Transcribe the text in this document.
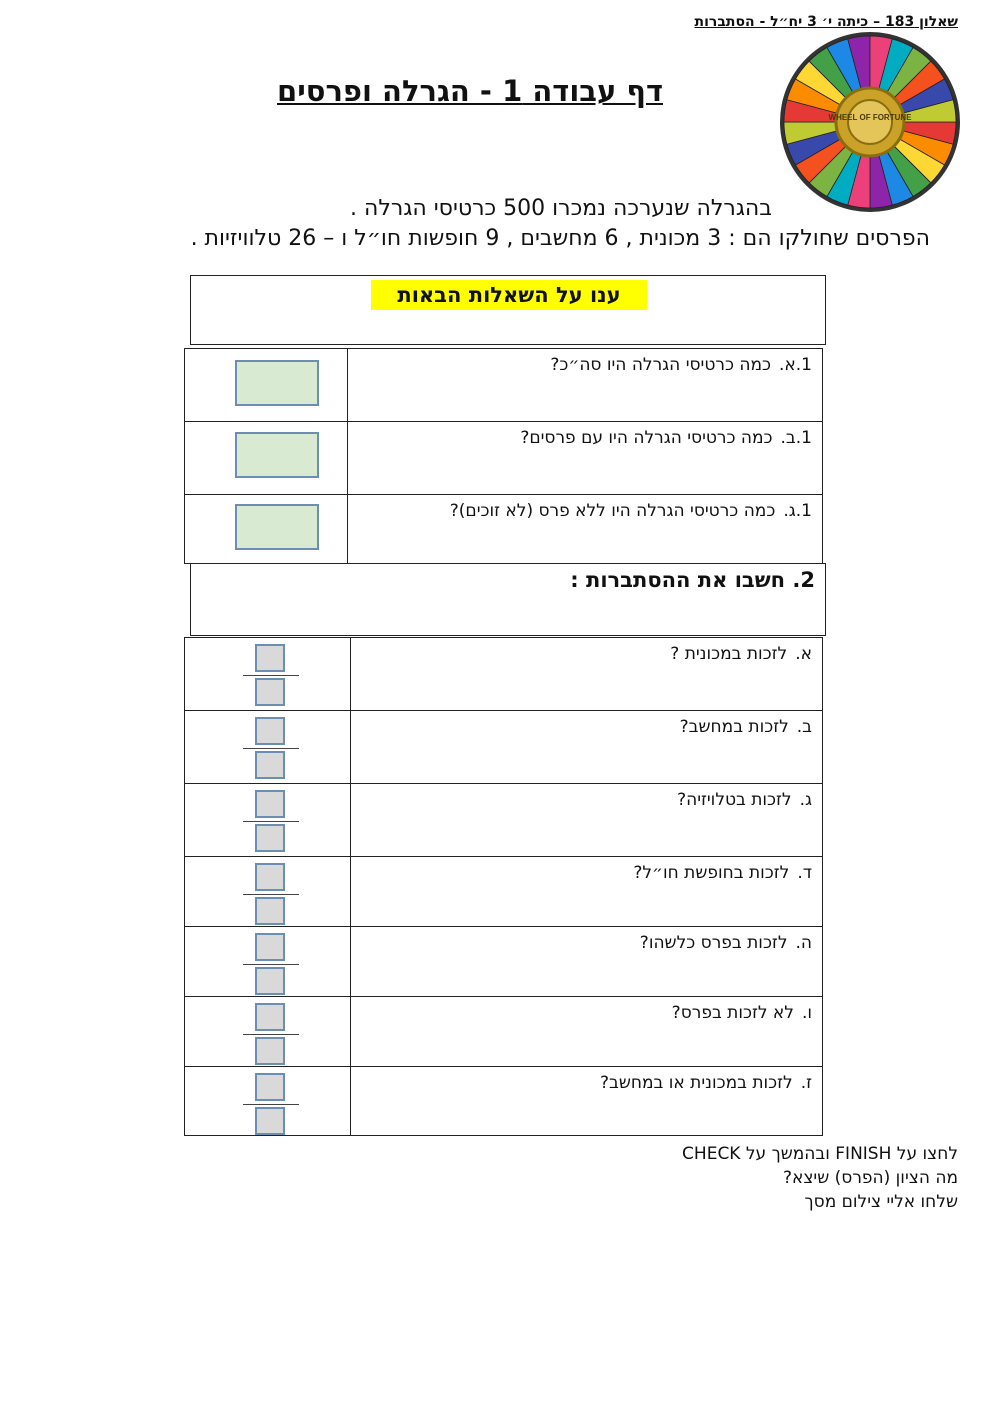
שאלון 183 – כיתה י׳ 3 יח״ל - הסתברות
דף עבודה 1 - הגרלה ופרסים
WHEEL OF FORTUNE
בהגרלה שנערכה נמכרו 500 כרטיסי הגרלה .
הפרסים שחולקו הם : 3 מכונית , 6 מחשבים , 9 חופשות חו״ל ו – 26 טלוויזיות .
ענו על השאלות הבאות
1.א.כמה כרטיסי הגרלה היו סה״כ?	

1.ב.כמה כרטיסי הגרלה היו עם פרסים?	

1.ג.כמה כרטיסי הגרלה היו ללא פרס (לא זוכים)?	
2. חשבו את ההסתברות :
א.לזכות במכונית ?	

ב.לזכות במחשב?	

ג.לזכות בטלויזיה?	

ד.לזכות בחופשת חו״ל?	

ה.לזכות בפרס כלשהו?	

ו.לא לזכות בפרס?	

ז.לזכות במכונית או במחשב?	
לחצו על FINISH ובהמשך על CHECK
מה הציון (הפרס) שיצא?
שלחו אליי צילום מסך
